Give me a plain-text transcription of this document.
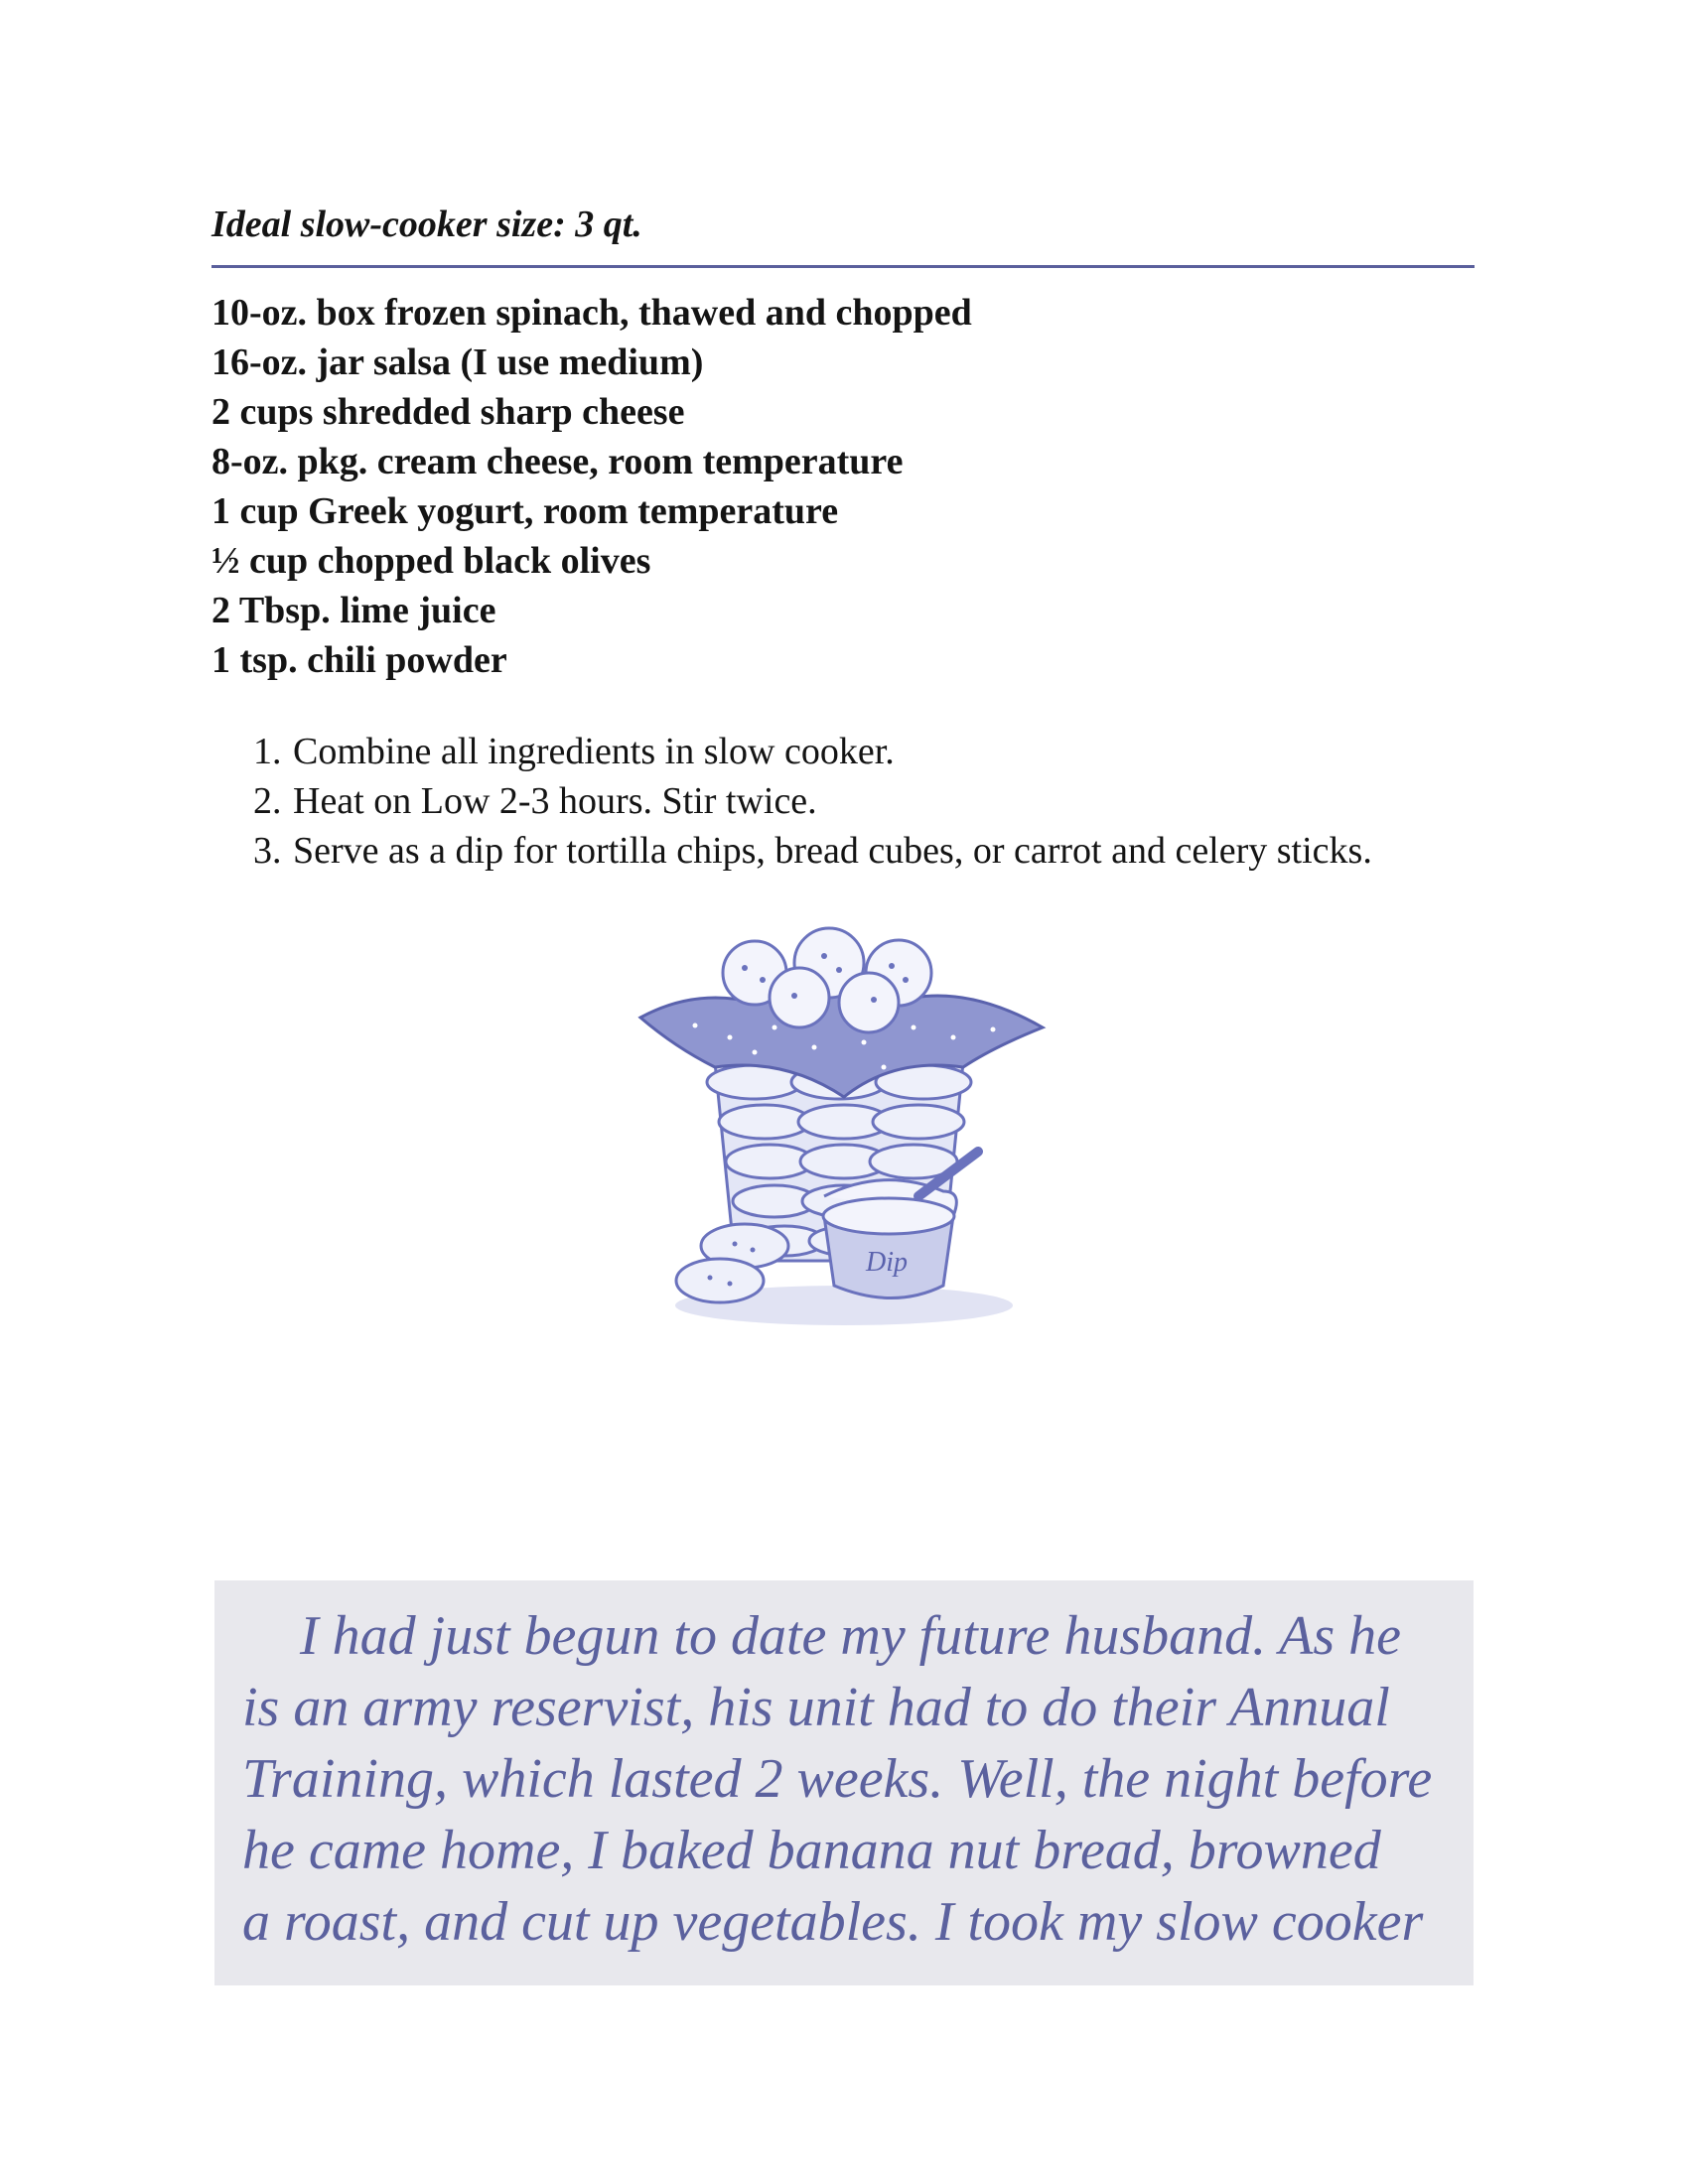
Ideal slow-cooker size: 3 qt.
10-oz. box frozen spinach, thawed and chopped
16-oz. jar salsa (I use medium)
2 cups shredded sharp cheese
8-oz. pkg. cream cheese, room temperature
1 cup Greek yogurt, room temperature
½ cup chopped black olives
2 Tbsp. lime juice
1 tsp. chili powder
1. Combine all ingredients in slow cooker.
2. Heat on Low 2-3 hours. Stir twice.
3. Serve as a dip for tortilla chips, bread cubes, or carrot and celery sticks.
Dip
I had just begun to date my future husband. As he
is an army reservist, his unit had to do their Annual
Training, which lasted 2 weeks. Well, the night before
he came home, I baked banana nut bread, browned
a roast, and cut up vegetables. I took my slow cooker
